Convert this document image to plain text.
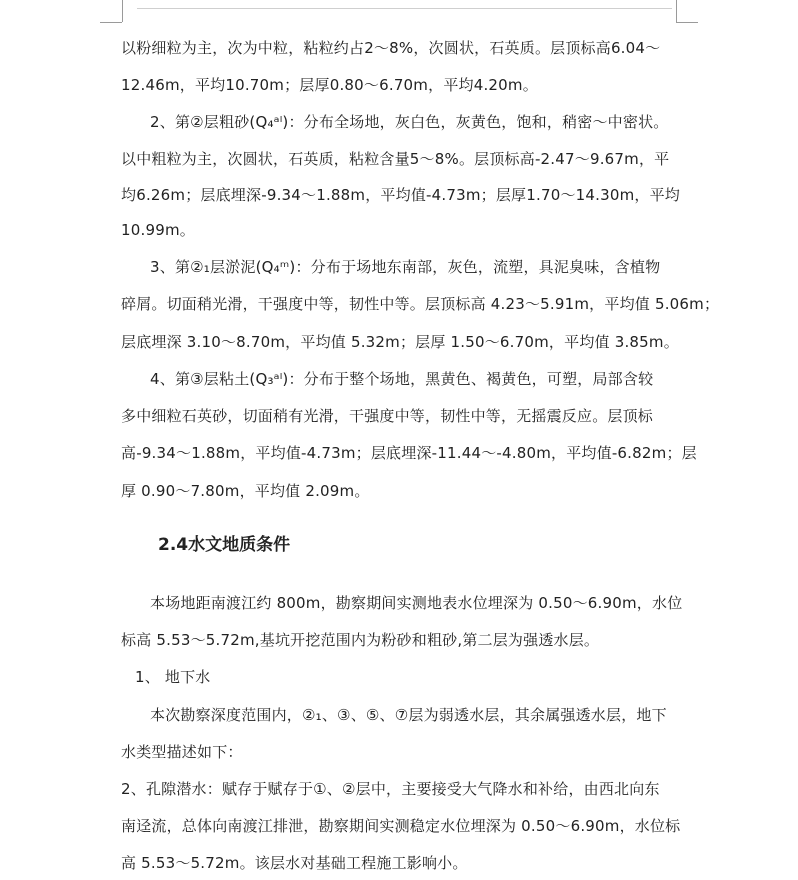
以粉细粒为主，次为中粒，粘粒约占2～8%，次圆状，石英质。层顶标高6.04～
12.46m，平均10.70m；层厚0.80～6.70m，平均4.20m。
2、第②层粗砂(Q₄ᵃˡ)：分布全场地，灰白色，灰黄色，饱和，稍密～中密状。
以中粗粒为主，次圆状，石英质，粘粒含量5～8%。层顶标高-2.47～9.67m，平
均6.26m；层底埋深-9.34～1.88m，平均值-4.73m；层厚1.70～14.30m，平均
10.99m。
3、第②₁层淤泥(Q₄ᵐ)：分布于场地东南部，灰色，流塑，具泥臭味，含植物
碎屑。切面稍光滑，干强度中等，韧性中等。层顶标高 4.23～5.91m，平均值 5.06m；
层底埋深 3.10～8.70m，平均值 5.32m；层厚 1.50～6.70m，平均值 3.85m。
4、第③层粘土(Q₃ᵃˡ)：分布于整个场地，黑黄色、褐黄色，可塑，局部含较
多中细粒石英砂，切面稍有光滑，干强度中等，韧性中等，无摇震反应。层顶标
高-9.34～1.88m，平均值-4.73m；层底埋深-11.44～-4.80m，平均值-6.82m；层
厚 0.90～7.80m，平均值 2.09m。
2.4水文地质条件
本场地距南渡江约 800m，勘察期间实测地表水位埋深为 0.50～6.90m，水位
标高 5.53～5.72m,基坑开挖范围内为粉砂和粗砂,第二层为强透水层。
1、 地下水
本次勘察深度范围内，②₁、③、⑤、⑦层为弱透水层，其余属强透水层，地下
水类型描述如下：
2、孔隙潜水：赋存于赋存于①、②层中，主要接受大气降水和补给，由西北向东
南迳流，总体向南渡江排泄，勘察期间实测稳定水位埋深为 0.50～6.90m，水位标
高 5.53～5.72m。该层水对基础工程施工影响小。
